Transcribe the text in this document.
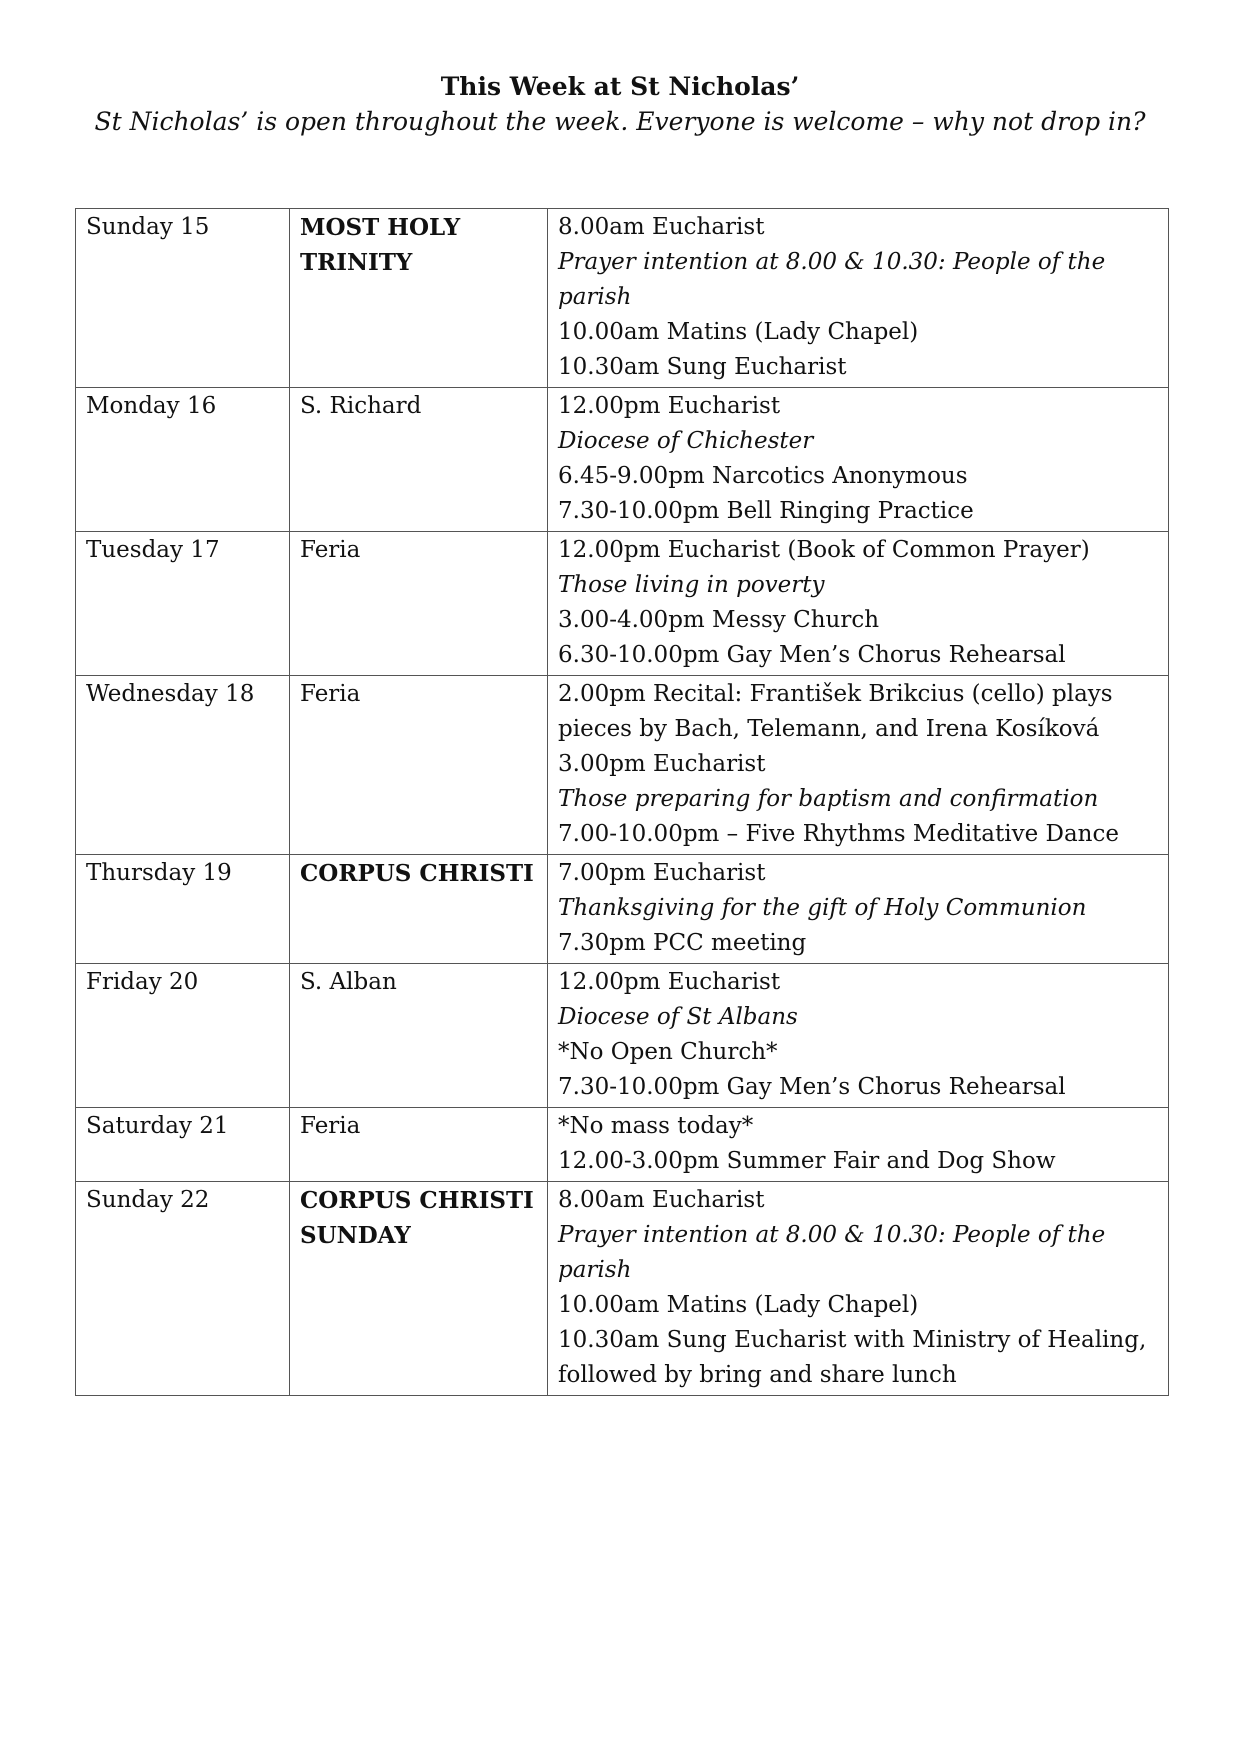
This Week at St Nicholas’
St Nicholas’ is open throughout the week. Everyone is welcome – why not drop in?
Sunday 15	MOST HOLY TRINITY	8.00am Eucharist
Prayer intention at 8.00 & 10.30: People of the parish
10.00am Matins (Lady Chapel)
10.30am Sung Eucharist

Monday 16	S. Richard	12.00pm Eucharist
Diocese of Chichester
6.45-9.00pm Narcotics Anonymous
7.30-10.00pm Bell Ringing Practice

Tuesday 17	Feria	12.00pm Eucharist (Book of Common Prayer)
Those living in poverty
3.00-4.00pm Messy Church
6.30-10.00pm Gay Men’s Chorus Rehearsal

Wednesday 18	Feria	2.00pm Recital: František Brikcius (cello) plays pieces by Bach, Telemann, and Irena Kosíková
3.00pm Eucharist
Those preparing for baptism and confirmation
7.00-10.00pm – Five Rhythms Meditative Dance

Thursday 19	CORPUS CHRISTI	7.00pm Eucharist
Thanksgiving for the gift of Holy Communion
7.30pm PCC meeting

Friday 20	S. Alban	12.00pm Eucharist
Diocese of St Albans
*No Open Church*
7.30-10.00pm Gay Men’s Chorus Rehearsal

Saturday 21	Feria	*No mass today*
12.00-3.00pm Summer Fair and Dog Show

Sunday 22	CORPUS CHRISTI SUNDAY	8.00am Eucharist
Prayer intention at 8.00 & 10.30: People of the parish
10.00am Matins (Lady Chapel)
10.30am Sung Eucharist with Ministry of Healing, followed by bring and share lunch
